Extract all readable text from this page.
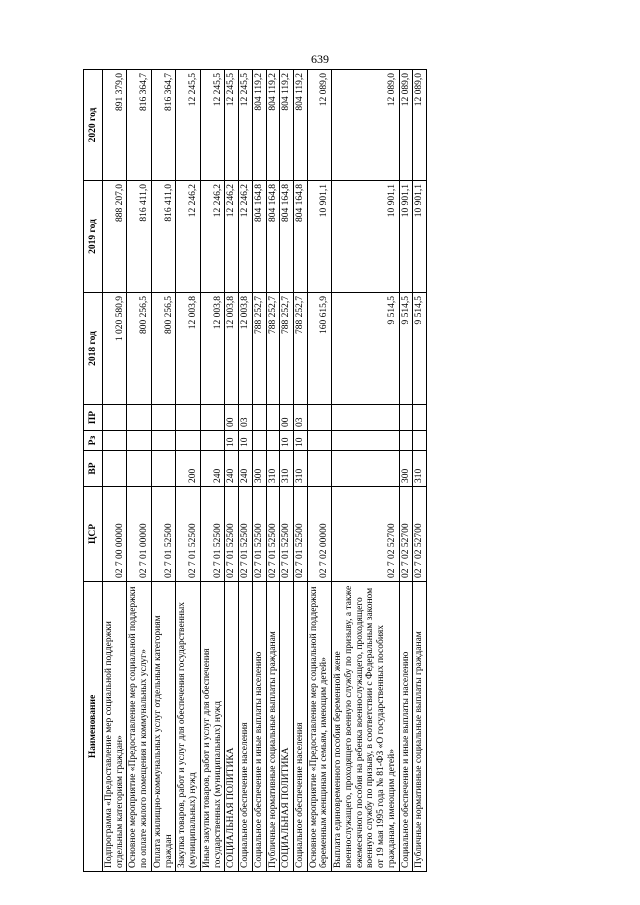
639
Наименование	ЦСР	ВР	Рз	ПР	2018 год	2019 год	2020 год
Подпрограмма «Предоставление мер социальной поддержки отдельным категориям граждан»	02 7 00 00000				1 020 580,9	888 207,0	891 379,0
Основное мероприятие «Предоставление мер социальной поддержки по оплате жилого помещения и коммунальных услуг»	02 7 01 00000				800 256,5	816 411,0	816 364,7
Оплата жилищно-коммунальных услуг отдельным категориям граждан	02 7 01 52500				800 256,5	816 411,0	816 364,7
Закупка товаров, работ и услуг для обеспечения государственных (муниципальных) нужд	02 7 01 52500	200			12 003,8	12 246,2	12 245,5
Иные закупки товаров, работ и услуг для обеспечения государственных (муниципальных) нужд	02 7 01 52500	240			12 003,8	12 246,2	12 245,5
СОЦИАЛЬНАЯ ПОЛИТИКА	02 7 01 52500	240	10	00	12 003,8	12 246,2	12 245,5
Социальное обеспечение населения	02 7 01 52500	240	10	03	12 003,8	12 246,2	12 245,5
Социальное обеспечение и иные выплаты населению	02 7 01 52500	300			788 252,7	804 164,8	804 119,2
Публичные нормативные социальные выплаты гражданам	02 7 01 52500	310			788 252,7	804 164,8	804 119,2
СОЦИАЛЬНАЯ ПОЛИТИКА	02 7 01 52500	310	10	00	788 252,7	804 164,8	804 119,2
Социальное обеспечение населения	02 7 01 52500	310	10	03	788 252,7	804 164,8	804 119,2
Основное мероприятие «Предоставление мер социальной поддержки беременным женщинам и семьям, имеющим детей»	02 7 02 00000				160 615,9	10 901,1	12 089,0
Выплата единовременного пособия беременной жене военнослужащего, проходящего военную службу по призыву, а также ежемесячного пособия на ребенка военнослужащего, проходящего военную службу по призыву, в соответствии с Федеральным законом от 19 мая 1995 года № 81-ФЗ «О государственных пособиях гражданам, имеющим детей»	02 7 02 52700				9 514,5	10 901,1	12 089,0
Социальное обеспечение и иные выплаты населению	02 7 02 52700	300			9 514,5	10 901,1	12 089,0
Публичные нормативные социальные выплаты гражданам	02 7 02 52700	310			9 514,5	10 901,1	12 089,0
